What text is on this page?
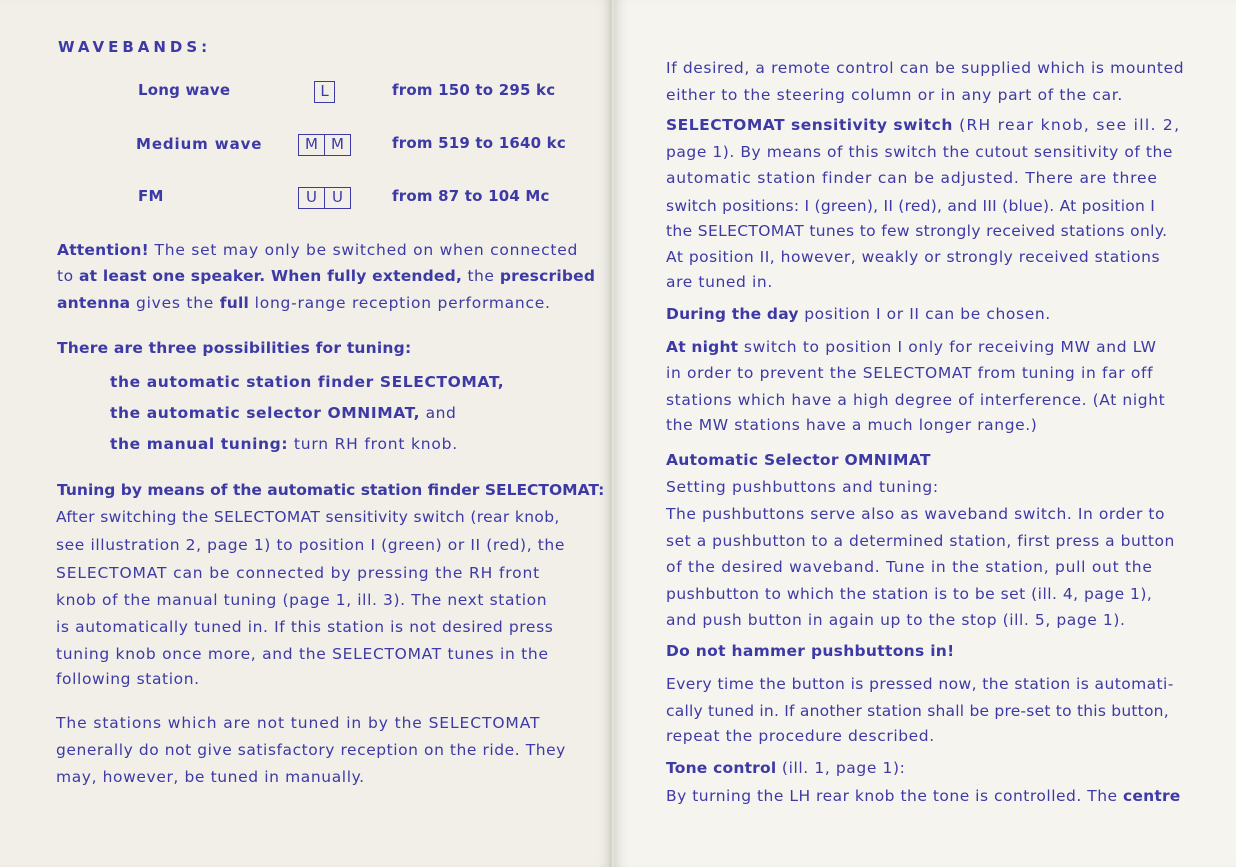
WAVEBANDS:
Long wave	L	from 150 to 295 kc
Medium wave	M M	from 519 to 1640 kc
FM	U	U	from 87 to 104 Mc
Attention! The set may only be switched on when connected
to at least one speaker. When fully extended, the prescribed
antenna gives the full long-range reception performance.
There are three possibilities for tuning:
the automatic station finder SELECTOMAT,
the automatic selector OMNIMAT, and
the manual tuning: turn RH front knob.
Tuning by means of the automatic station finder SELECTOMAT:
After switching the SELECTOMAT sensitivity switch (rear knob,
see illustration 2, page 1) to position I (green) or II (red), the
SELECTOMAT can be connected by pressing the RH front
knob of the manual tuning (page 1, ill. 3). The next station
is automatically tuned in. If this station is not desired press
tuning knob once more, and the SELECTOMAT tunes in the
following station.
The stations which are not tuned in by the SELECTOMAT
generally do not give satisfactory reception on the ride. They
may, however, be tuned in manually.
If desired, a remote control can be supplied which is mounted
either to the steering column or in any part of the car.
SELECTOMAT sensitivity switch (RH rear knob, see ill. 2,
page 1). By means of this switch the cutout sensitivity of the
automatic station finder can be adjusted. There are three
switch positions: I (green), II (red), and III (blue). At position I
the SELECTOMAT tunes to few strongly received stations only.
At position II, however, weakly or strongly received stations
are tuned in.
During the day position I or II can be chosen.
At night switch to position I only for receiving MW and LW
in order to prevent the SELECTOMAT from tuning in far off
stations which have a high degree of interference. (At night
the MW stations have a much longer range.)
Automatic Selector OMNIMAT
Setting pushbuttons and tuning:
The pushbuttons serve also as waveband switch. In order to
set a pushbutton to a determined station, first press a button
of the desired waveband. Tune in the station, pull out the
pushbutton to which the station is to be set (ill. 4, page 1),
and push button in again up to the stop (ill. 5, page 1).
Do not hammer pushbuttons in!
Every time the button is pressed now, the station is automati-
cally tuned in. If another station shall be pre-set to this button,
repeat the procedure described.
Tone control (ill. 1, page 1):
By turning the LH rear knob the tone is controlled. The centre
